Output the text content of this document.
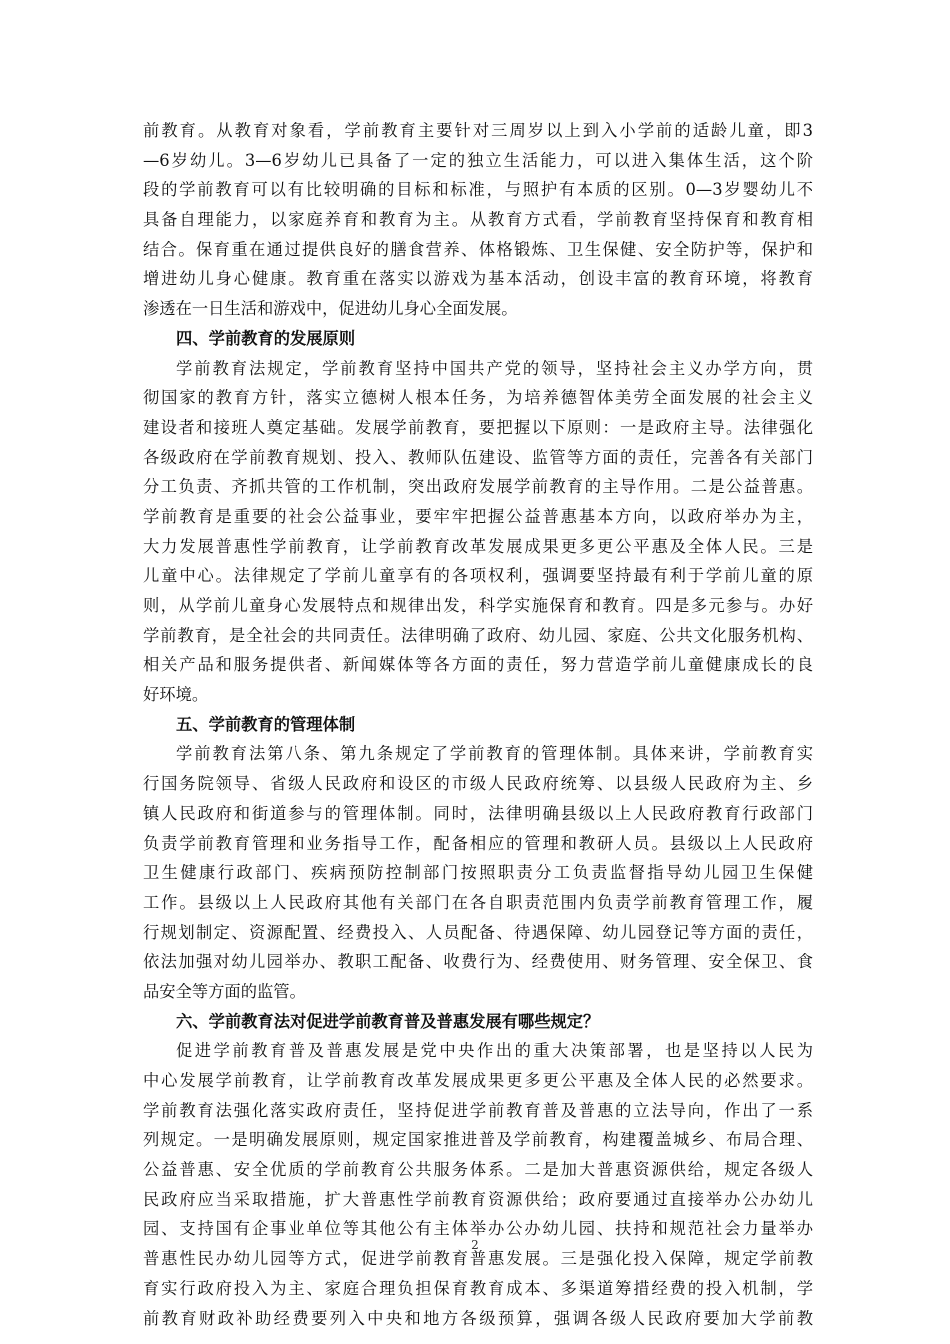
前教育。从教育对象看，学前教育主要针对三周岁以上到入小学前的适龄儿童，即3
—6岁幼儿。3—6岁幼儿已具备了一定的独立生活能力，可以进入集体生活，这个阶
段的学前教育可以有比较明确的目标和标准，与照护有本质的区别。0—3岁婴幼儿不
具备自理能力，以家庭养育和教育为主。从教育方式看，学前教育坚持保育和教育相
结合。保育重在通过提供良好的膳食营养、体格锻炼、卫生保健、安全防护等，保护和
增进幼儿身心健康。教育重在落实以游戏为基本活动，创设丰富的教育环境，将教育
渗透在一日生活和游戏中，促进幼儿身心全面发展。
四、学前教育的发展原则
学前教育法规定，学前教育坚持中国共产党的领导，坚持社会主义办学方向，贯
彻国家的教育方针，落实立德树人根本任务，为培养德智体美劳全面发展的社会主义
建设者和接班人奠定基础。发展学前教育，要把握以下原则：一是政府主导。法律强化
各级政府在学前教育规划、投入、教师队伍建设、监管等方面的责任，完善各有关部门
分工负责、齐抓共管的工作机制，突出政府发展学前教育的主导作用。二是公益普惠。
学前教育是重要的社会公益事业，要牢牢把握公益普惠基本方向，以政府举办为主，
大力发展普惠性学前教育，让学前教育改革发展成果更多更公平惠及全体人民。三是
儿童中心。法律规定了学前儿童享有的各项权利，强调要坚持最有利于学前儿童的原
则，从学前儿童身心发展特点和规律出发，科学实施保育和教育。四是多元参与。办好
学前教育，是全社会的共同责任。法律明确了政府、幼儿园、家庭、公共文化服务机构、
相关产品和服务提供者、新闻媒体等各方面的责任，努力营造学前儿童健康成长的良
好环境。
五、学前教育的管理体制
学前教育法第八条、第九条规定了学前教育的管理体制。具体来讲，学前教育实
行国务院领导、省级人民政府和设区的市级人民政府统筹、以县级人民政府为主、乡
镇人民政府和街道参与的管理体制。同时，法律明确县级以上人民政府教育行政部门
负责学前教育管理和业务指导工作，配备相应的管理和教研人员。县级以上人民政府
卫生健康行政部门、疾病预防控制部门按照职责分工负责监督指导幼儿园卫生保健
工作。县级以上人民政府其他有关部门在各自职责范围内负责学前教育管理工作，履
行规划制定、资源配置、经费投入、人员配备、待遇保障、幼儿园登记等方面的责任，
依法加强对幼儿园举办、教职工配备、收费行为、经费使用、财务管理、安全保卫、食
品安全等方面的监管。
六、学前教育法对促进学前教育普及普惠发展有哪些规定？
促进学前教育普及普惠发展是党中央作出的重大决策部署，也是坚持以人民为
中心发展学前教育，让学前教育改革发展成果更多更公平惠及全体人民的必然要求。
学前教育法强化落实政府责任，坚持促进学前教育普及普惠的立法导向，作出了一系
列规定。一是明确发展原则，规定国家推进普及学前教育，构建覆盖城乡、布局合理、
公益普惠、安全优质的学前教育公共服务体系。二是加大普惠资源供给，规定各级人
民政府应当采取措施，扩大普惠性学前教育资源供给；政府要通过直接举办公办幼儿
园、支持国有企事业单位等其他公有主体举办公办幼儿园、扶持和规范社会力量举办
普惠性民办幼儿园等方式，促进学前教育普惠发展。三是强化投入保障，规定学前教
育实行政府投入为主、家庭合理负担保育教育成本、多渠道筹措经费的投入机制，学
前教育财政补助经费要列入中央和地方各级预算，强调各级人民政府要加大学前教
2
